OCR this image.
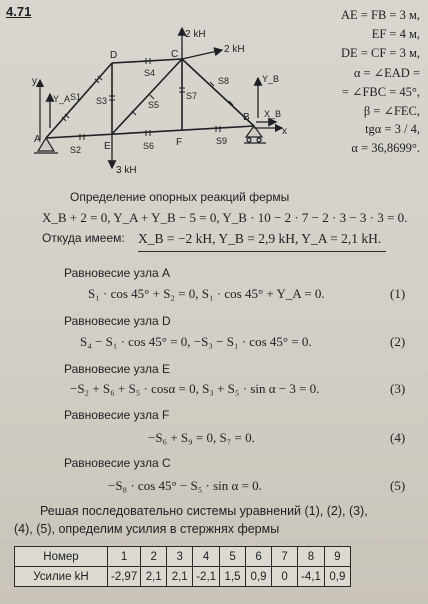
4.71	AE = FB = 3 м,
EF = 4 м,
DE = CF = 3 м,
α = ∠EAD =
= ∠FBC = 45°,
β = ∠FEC,
tgα = 3 / 4,
α = 36,8699°.
A
D	C
B
E	F
2 kH
2 kH
3 kH
Y_A
Y_B
X_B
y
x
S1
S2
S3
S4
S5
S6
S7
S8
S9
Определение опорных реакций фермы
X_B + 2 = 0, Y_A + Y_B − 5 = 0, Y_B · 10 − 2 · 7 − 2 · 3 − 3 · 3 = 0.
Откуда имеем: X_B = −2 kH, Y_B = 2,9 kH, Y_A = 2,1 kH.
Равновесие узла А
S₁ · cos 45° + S₂ = 0, S₁ · cos 45° + Y_A = 0.	(1)
Равновесие узла D
S₄ − S₁ · cos 45° = 0, −S₃ − S₁ · cos 45° = 0.	(2)
Равновесие узла E
−S₂ + S₆ + S₅ · cosα = 0, S₃ + S₅ · sin α − 3 = 0.	(3)
Равновесие узла F
−S₆ + S₉ = 0, S₇ = 0.	(4)
Равновесие узла C
−S₈ · cos 45° − S₅ · sin α = 0.	(5)
Решая последовательно системы уравнений (1), (2), (3),
(4), (5), определим усилия в стержнях фермы
Номер	1	2	3	4	5	6	7	8	9
Усилие kH	-2,97	2,1	2,1	-2,1	1,5	0,9	0	-4,1	0,9
